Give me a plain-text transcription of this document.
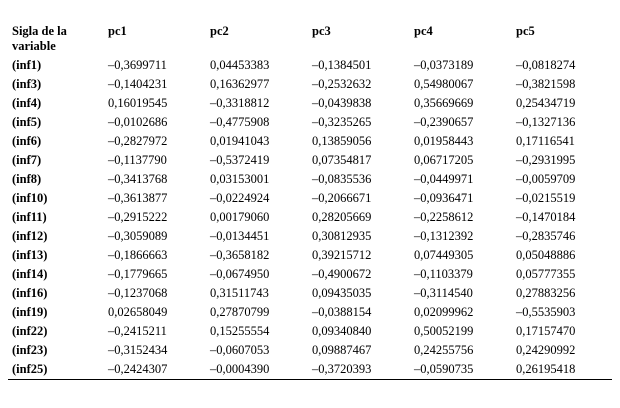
Sigla de la variable	pc1	pc2	pc3	pc4	pc5
(inf1)	–0,3699711	0,04453383	–0,1384501	–0,0373189	–0,0818274
(inf3)	–0,1404231	0,16362977	–0,2532632	0,54980067	–0,3821598
(inf4)	0,16019545	–0,3318812	–0,0439838	0,35669669	0,25434719
(inf5)	–0,0102686	–0,4775908	–0,3235265	–0,2390657	–0,1327136
(inf6)	–0,2827972	0,01941043	0,13859056	0,01958443	0,17116541
(inf7)	–0,1137790	–0,5372419	0,07354817	0,06717205	–0,2931995
(inf8)	–0,3413768	0,03153001	–0,0835536	–0,0449971	–0,0059709
(inf10)	–0,3613877	–0,0224924	–0,2066671	–0,0936471	–0,0215519
(inf11)	–0,2915222	0,00179060	0,28205669	–0,2258612	–0,1470184
(inf12)	–0,3059089	–0,0134451	0,30812935	–0,1312392	–0,2835746
(inf13)	–0,1866663	–0,3658182	0,39215712	0,07449305	0,05048886
(inf14)	–0,1779665	–0,0674950	–0,4900672	–0,1103379	0,05777355
(inf16)	–0,1237068	0,31511743	0,09435035	–0,3114540	0,27883256
(inf19)	0,02658049	0,27870799	–0,0388154	0,02099962	–0,5535903
(inf22)	–0,2415211	0,15255554	0,09340840	0,50052199	0,17157470
(inf23)	–0,3152434	–0,0607053	0,09887467	0,24255756	0,24290992
(inf25)	–0,2424307	–0,0004390	–0,3720393	–0,0590735	0,26195418
